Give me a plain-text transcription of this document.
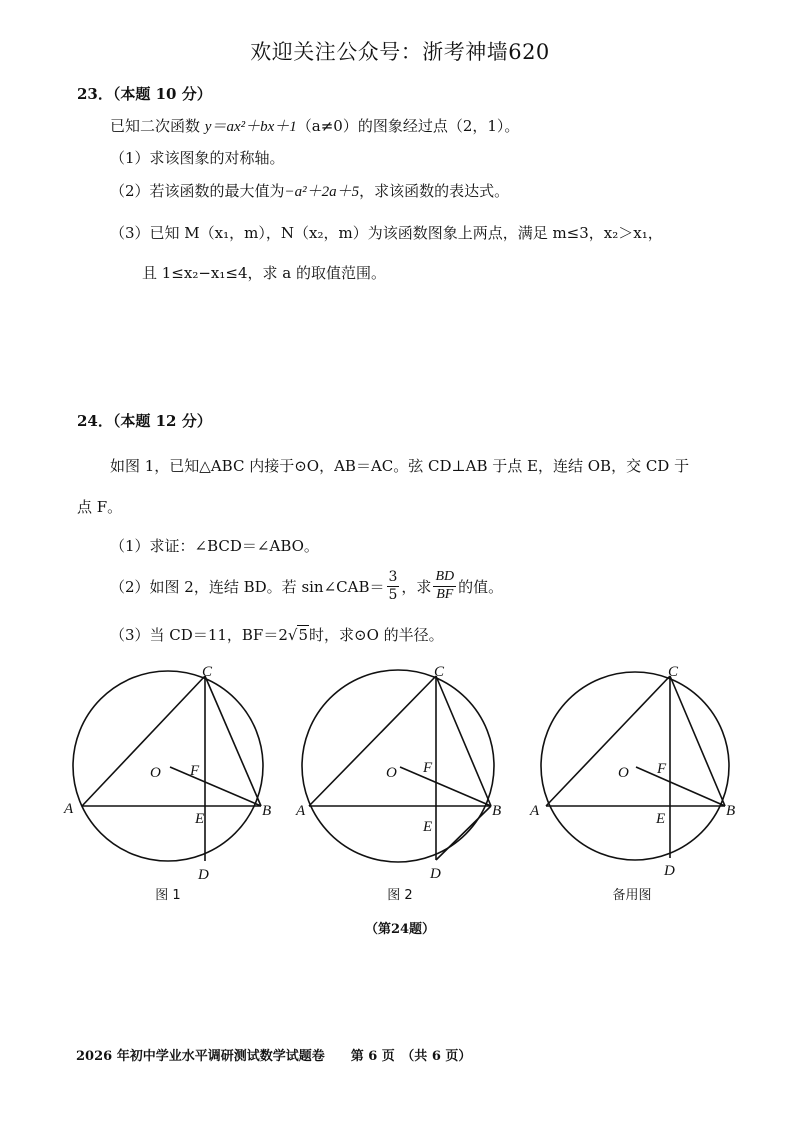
欢迎关注公众号：浙考神墙620
23．（本题 10 分）
已知二次函数 y＝ax²＋bx＋1（a≠0）的图象经过点（2，1）。
（1）求该图象的对称轴。
（2）若该函数的最大值为−a²＋2a＋5，求该函数的表达式。
（3）已知 M（x₁，m），N（x₂，m）为该函数图象上两点，满足 m≤3，x₂＞x₁，
且 1≤x₂−x₁≤4，求 a 的取值范围。
24．（本题 12 分）
如图 1，已知△ABC 内接于⊙O，AB＝AC。弦 CD⊥AB 于点 E，连结 OB，交 CD 于
点 F。
（1）求证：∠BCD＝∠ABO。
（2）如图 2，连结 BD。若 sin∠CAB＝ $\frac{3}{5}$ ，求 $\frac{BD}{BF}$ 的值。
（3）当 CD＝11，BF＝2√5时，求⊙O 的半径。
C
A	B
E
D
O F
C
A	B
E
D
O F
C
A	B
E
D
O F
图 1	图 2	备用图
（第24题）
2026 年初中学业水平调研测试数学试题卷　　第 6 页　（共 6 页）
